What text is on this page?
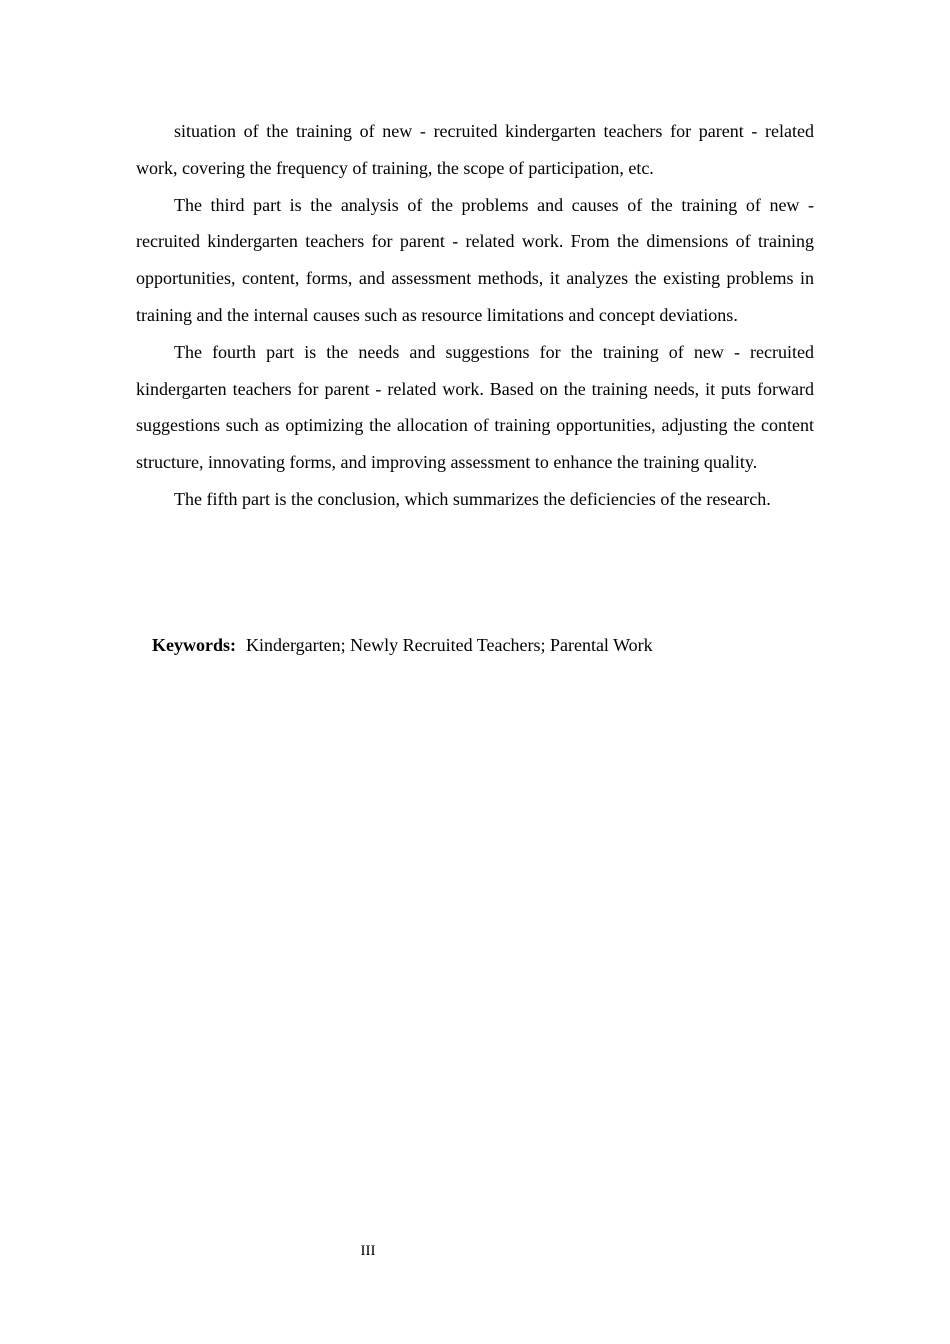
situation of the training of new - recruited kindergarten teachers for parent - related work, covering the frequency of training, the scope of participation, etc.

The third part is the analysis of the problems and causes of the training of new - recruited kindergarten teachers for parent - related work. From the dimensions of training opportunities, content, forms, and assessment methods, it analyzes the existing problems in training and the internal causes such as resource limitations and concept deviations.

The fourth part is the needs and suggestions for the training of new - recruited kindergarten teachers for parent - related work. Based on the training needs, it puts forward suggestions such as optimizing the allocation of training opportunities, adjusting the content structure, innovating forms, and improving assessment to enhance the training quality.

The fifth part is the conclusion, which summarizes the deficiencies of the research.

Keywords: Kindergarten; Newly Recruited Teachers; Parental Work
III
